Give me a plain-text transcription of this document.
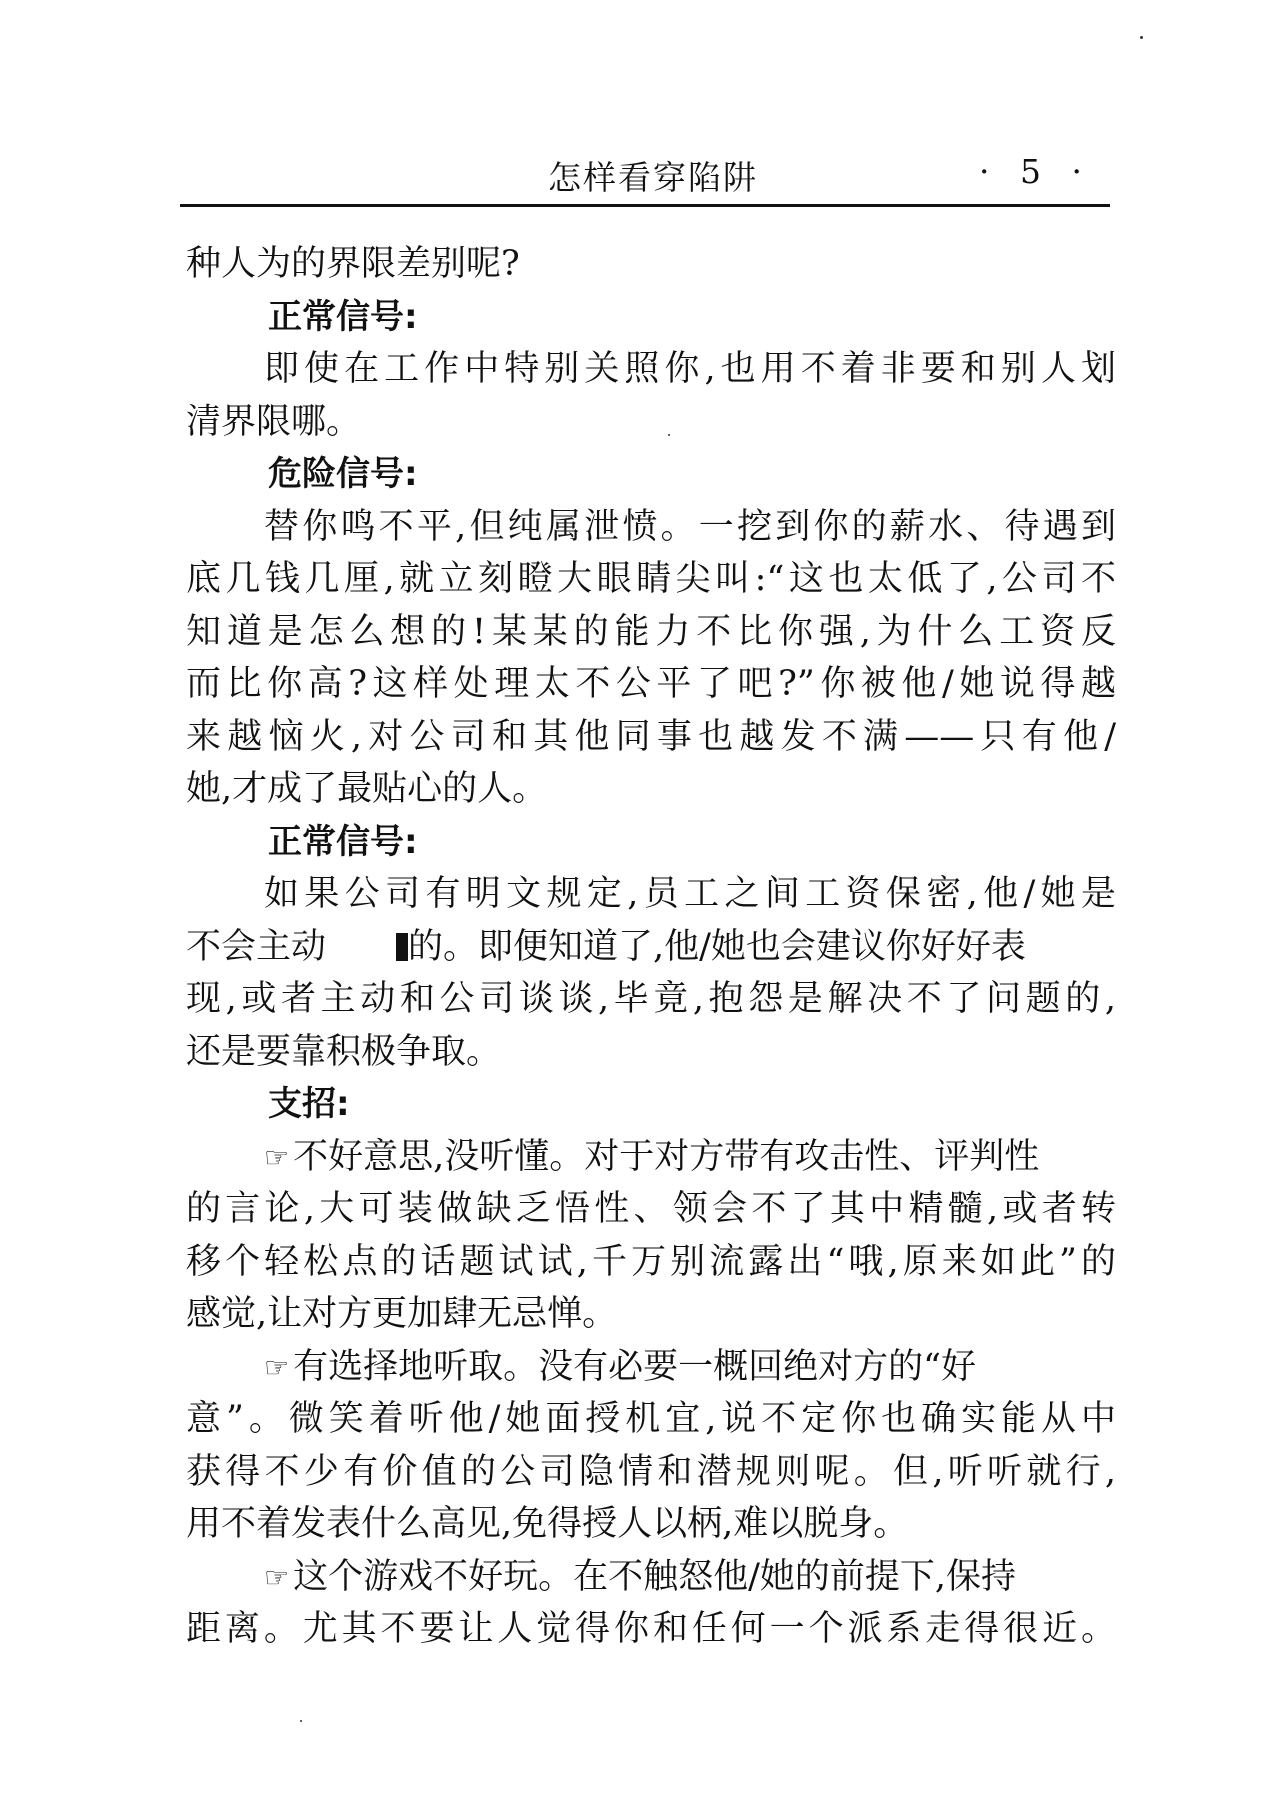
怎样看穿陷阱	· 5 ·
种人为的界限差别呢?
正常信号:
即使在工作中特别关照你,也用不着非要和别人划
清界限哪。
危险信号:
替你鸣不平,但纯属泄愤。一挖到你的薪水、待遇到
底几钱几厘,就立刻瞪大眼睛尖叫:“这也太低了,公司不
知道是怎么想的!某某的能力不比你强,为什么工资反
而比你高?这样处理太不公平了吧?”你被他/她说得越
来越恼火,对公司和其他同事也越发不满——只有他/
她,才成了最贴心的人。
正常信号:
如果公司有明文规定,员工之间工资保密,他/她是
不会主动 的。即便知道了,他/她也会建议你好好表
现,或者主动和公司谈谈,毕竟,抱怨是解决不了问题的,
还是要靠积极争取。
支招:
☞ 不好意思,没听懂。对于对方带有攻击性、评判性
的言论,大可装做缺乏悟性、领会不了其中精髓,或者转
移个轻松点的话题试试,千万别流露出“哦,原来如此”的
感觉,让对方更加肆无忌惮。
☞ 有选择地听取。没有必要一概回绝对方的“好
意”。微笑着听他/她面授机宜,说不定你也确实能从中
获得不少有价值的公司隐情和潜规则呢。但,听听就行,
用不着发表什么高见,免得授人以柄,难以脱身。
☞ 这个游戏不好玩。在不触怒他/她的前提下,保持
距离。尤其不要让人觉得你和任何一个派系走得很近。
